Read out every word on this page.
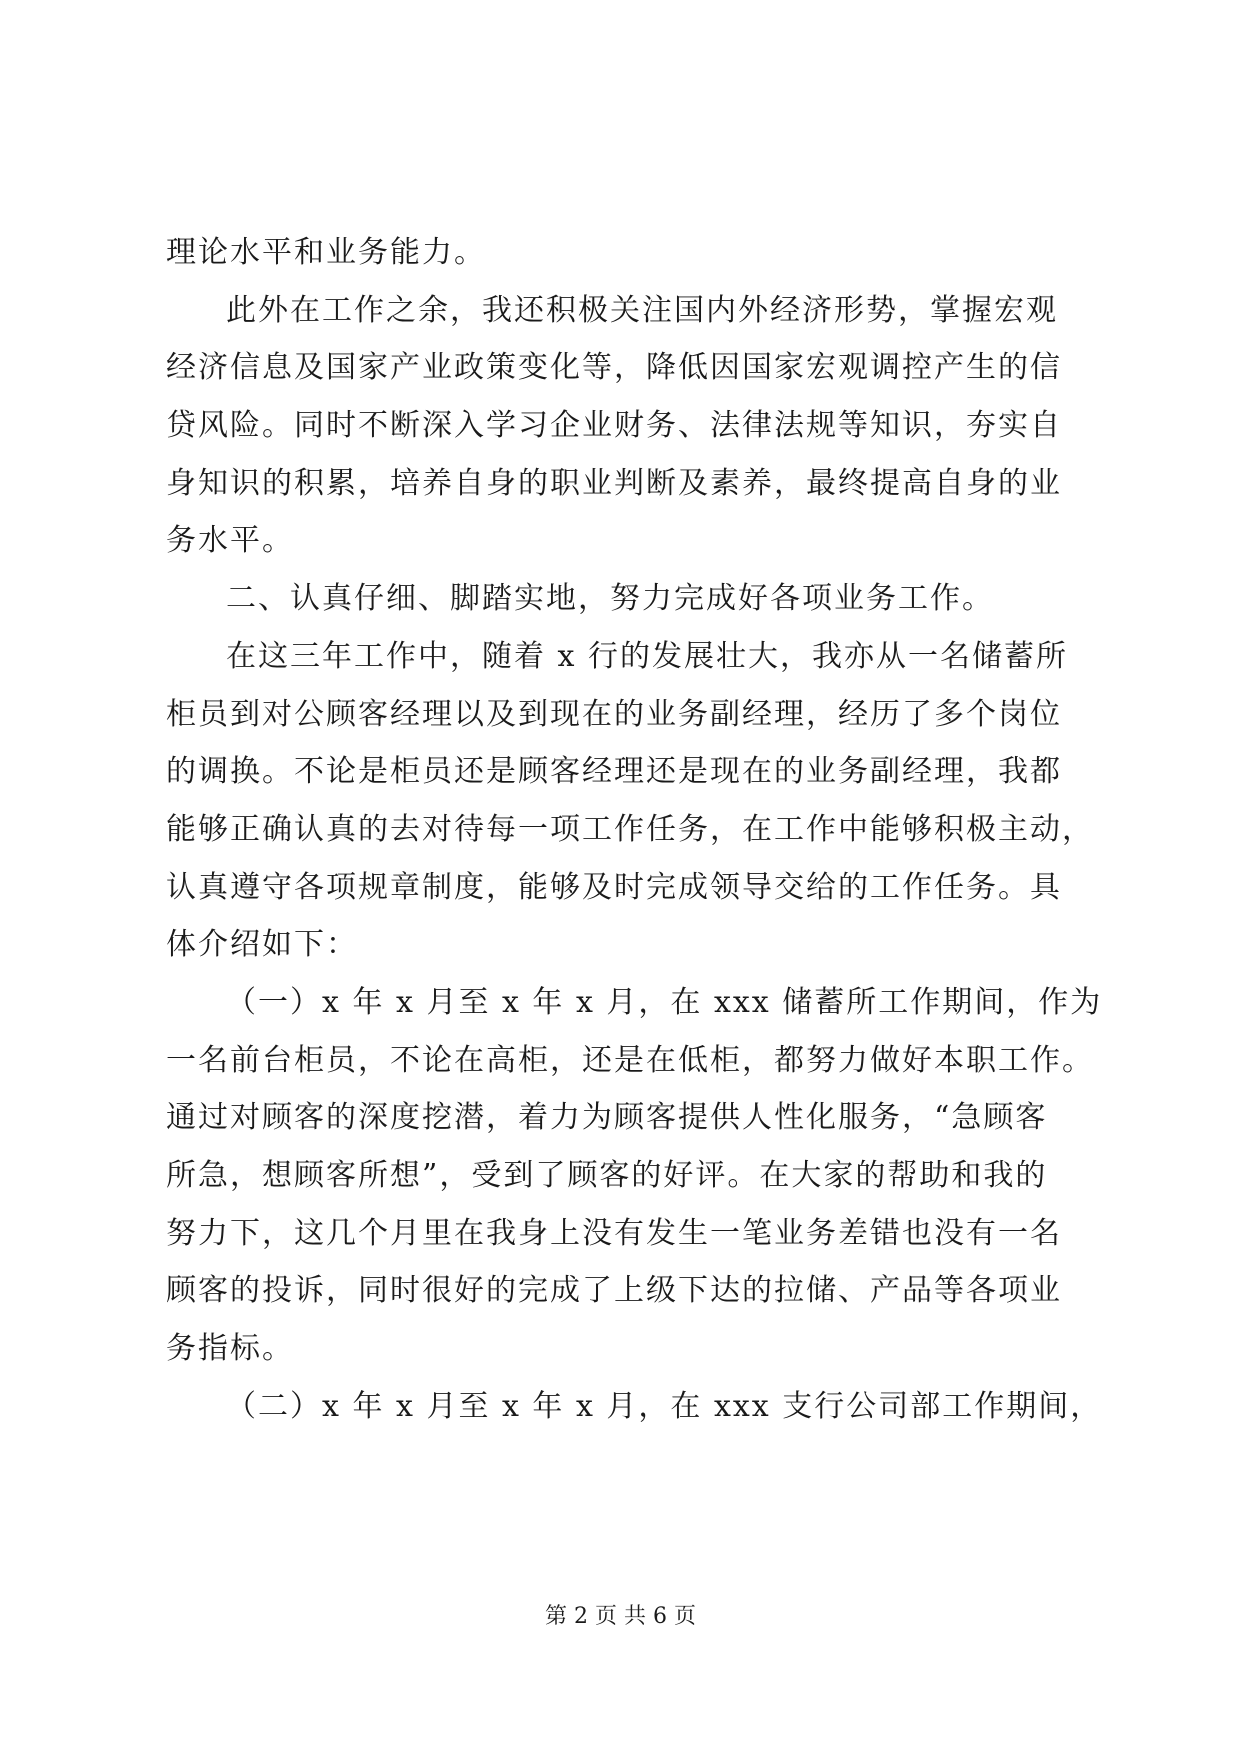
理论水平和业务能力。
此外在工作之余，我还积极关注国内外经济形势，掌握宏观
经济信息及国家产业政策变化等，降低因国家宏观调控产生的信
贷风险。同时不断深入学习企业财务、法律法规等知识，夯实自
身知识的积累，培养自身的职业判断及素养，最终提高自身的业
务水平。
二、认真仔细、脚踏实地，努力完成好各项业务工作。
在这三年工作中，随着 x 行的发展壮大，我亦从一名储蓄所
柜员到对公顾客经理以及到现在的业务副经理，经历了多个岗位
的调换。不论是柜员还是顾客经理还是现在的业务副经理，我都
能够正确认真的去对待每一项工作任务，在工作中能够积极主动，
认真遵守各项规章制度，能够及时完成领导交给的工作任务。具
体介绍如下：
（一）x 年 x 月至 x 年 x 月，在 xxx 储蓄所工作期间，作为
一名前台柜员，不论在高柜，还是在低柜，都努力做好本职工作。
通过对顾客的深度挖潜，着力为顾客提供人性化服务，“急顾客
所急，想顾客所想”，受到了顾客的好评。在大家的帮助和我的
努力下，这几个月里在我身上没有发生一笔业务差错也没有一名
顾客的投诉，同时很好的完成了上级下达的拉储、产品等各项业
务指标。
（二）x 年 x 月至 x 年 x 月，在 xxx 支行公司部工作期间，
第 2 页 共 6 页
